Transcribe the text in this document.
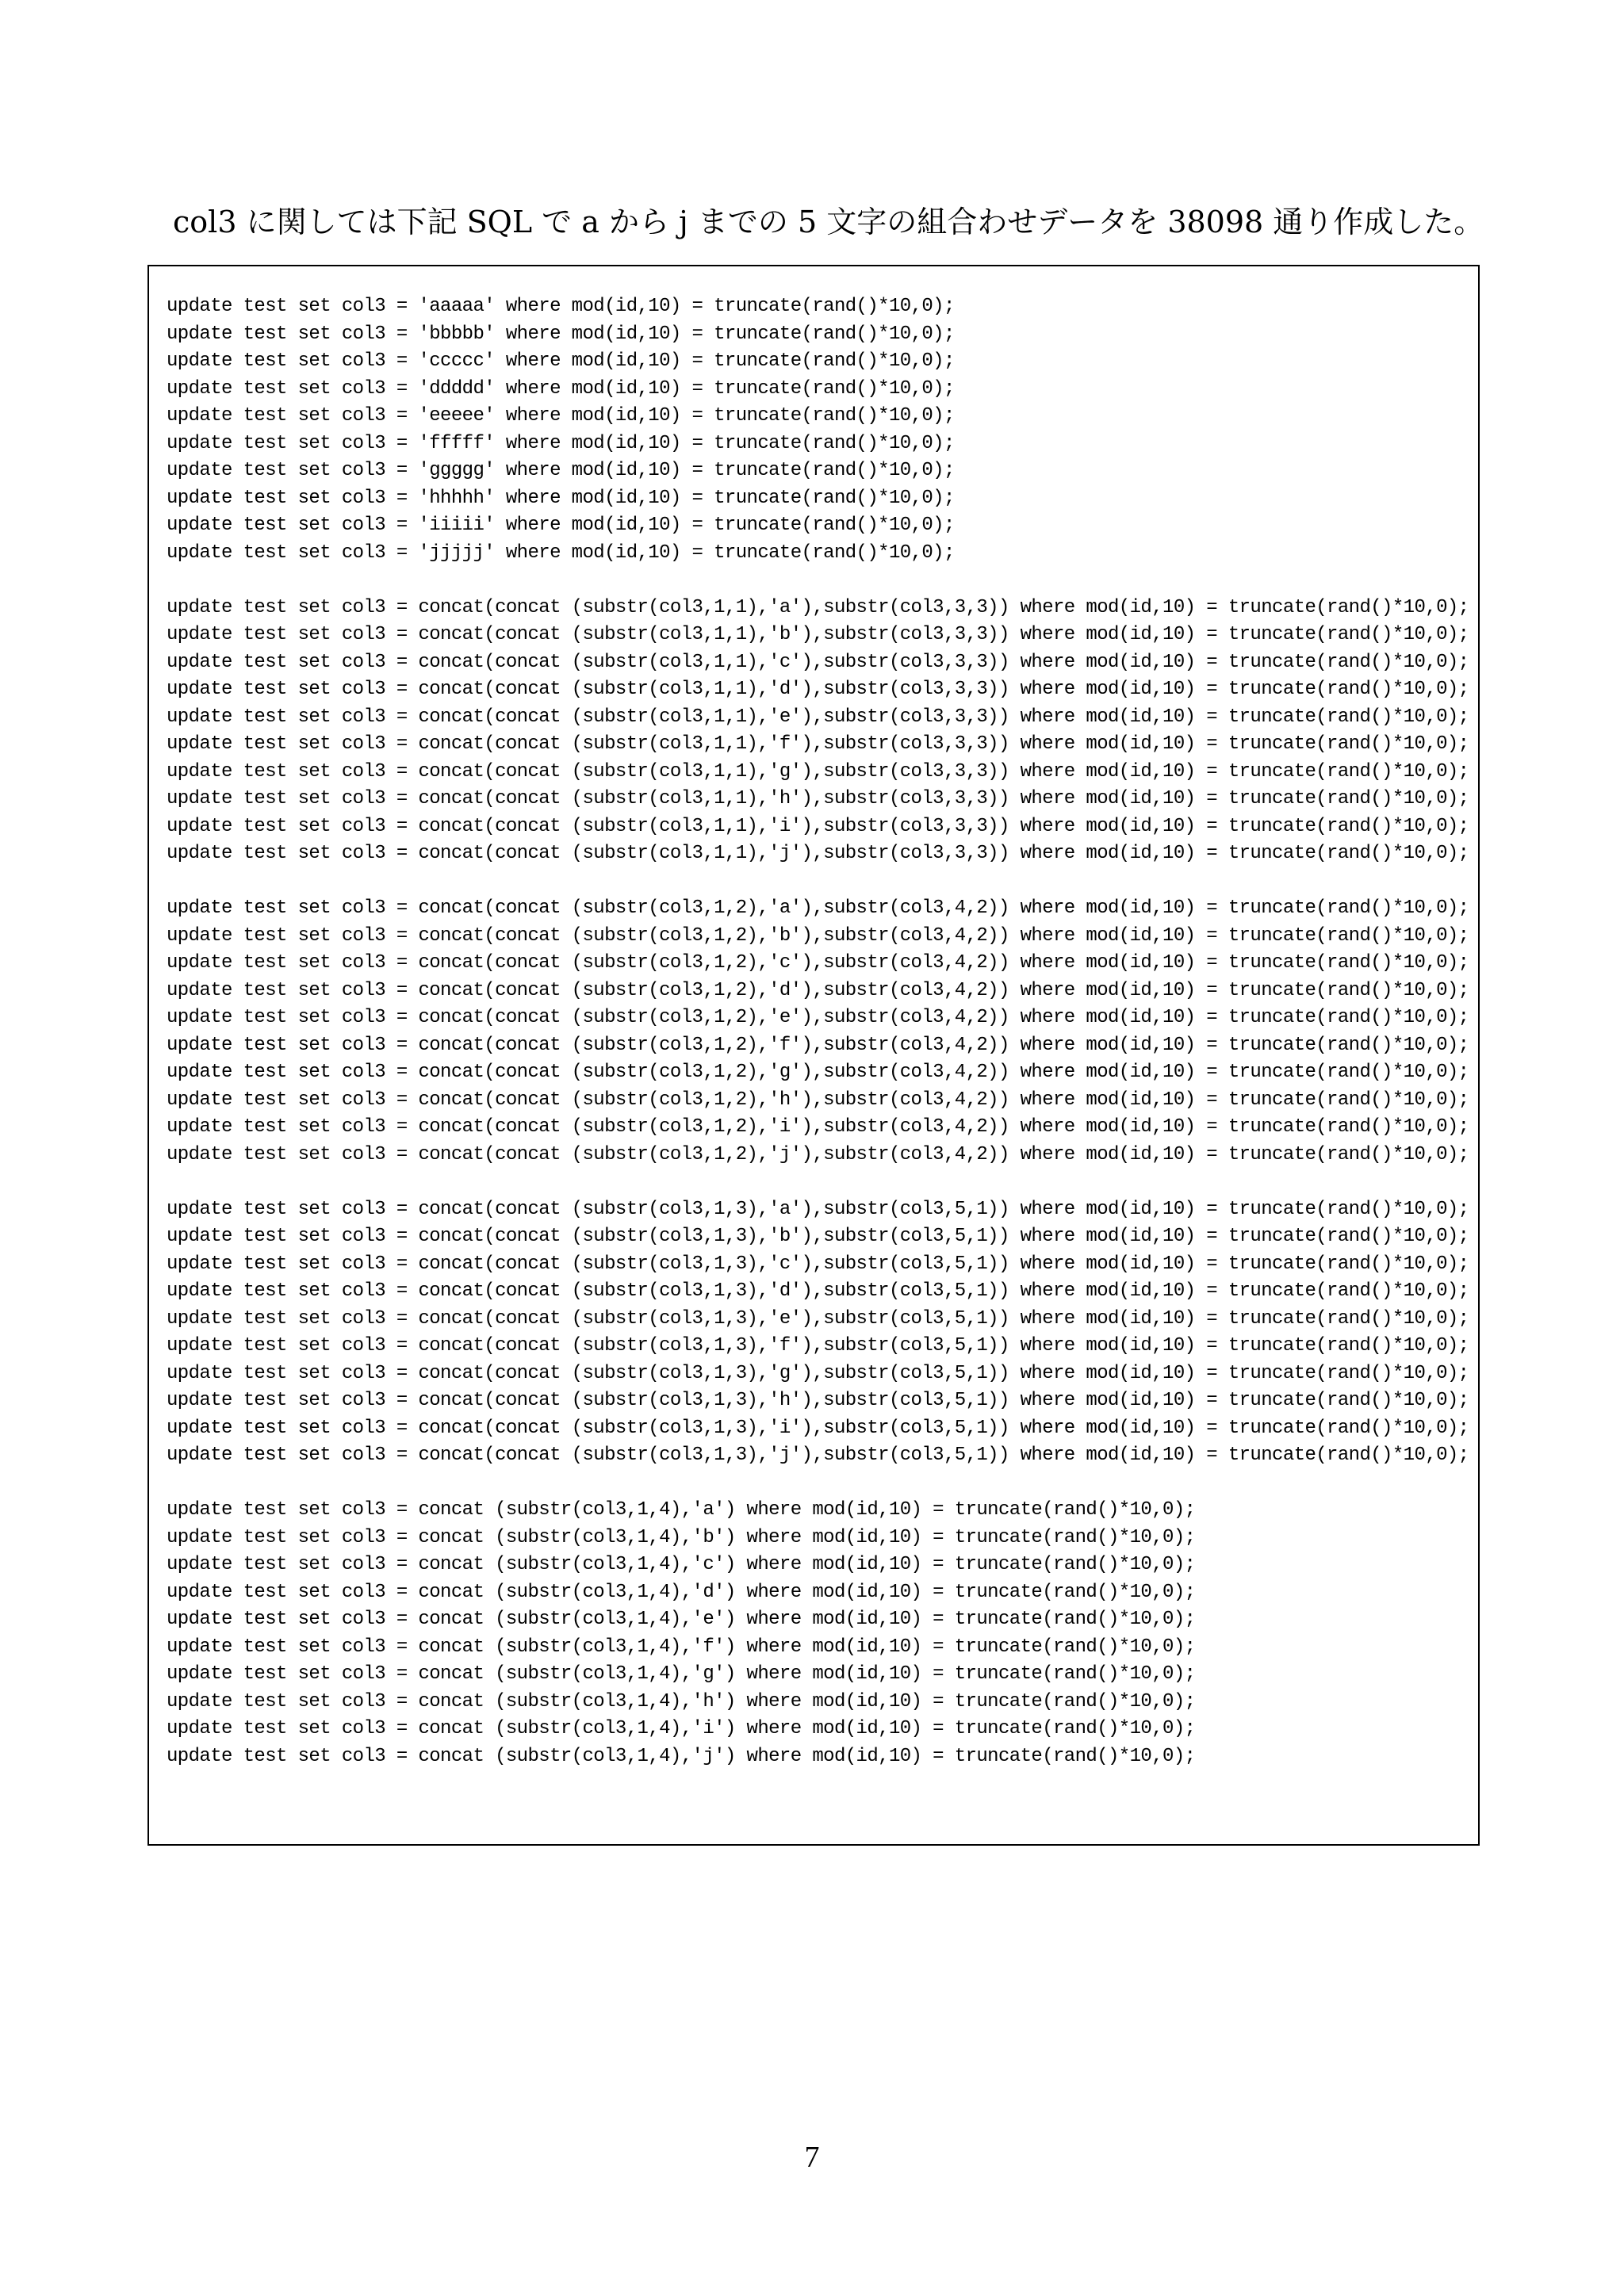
col3 に関しては下記 SQL で a から j までの 5 文字の組合わせデータを 38098 通り作成した。
update test set col3 = 'aaaaa' where mod(id,10) = truncate(rand()*10,0);
update test set col3 = 'bbbbb' where mod(id,10) = truncate(rand()*10,0);
update test set col3 = 'ccccc' where mod(id,10) = truncate(rand()*10,0);
update test set col3 = 'ddddd' where mod(id,10) = truncate(rand()*10,0);
update test set col3 = 'eeeee' where mod(id,10) = truncate(rand()*10,0);
update test set col3 = 'fffff' where mod(id,10) = truncate(rand()*10,0);
update test set col3 = 'ggggg' where mod(id,10) = truncate(rand()*10,0);
update test set col3 = 'hhhhh' where mod(id,10) = truncate(rand()*10,0);
update test set col3 = 'iiiii' where mod(id,10) = truncate(rand()*10,0);
update test set col3 = 'jjjjj' where mod(id,10) = truncate(rand()*10,0);
update test set col3 = concat(concat (substr(col3,1,1),'a'),substr(col3,3,3)) where mod(id,10) = truncate(rand()*10,0);
update test set col3 = concat(concat (substr(col3,1,1),'b'),substr(col3,3,3)) where mod(id,10) = truncate(rand()*10,0);
update test set col3 = concat(concat (substr(col3,1,1),'c'),substr(col3,3,3)) where mod(id,10) = truncate(rand()*10,0);
update test set col3 = concat(concat (substr(col3,1,1),'d'),substr(col3,3,3)) where mod(id,10) = truncate(rand()*10,0);
update test set col3 = concat(concat (substr(col3,1,1),'e'),substr(col3,3,3)) where mod(id,10) = truncate(rand()*10,0);
update test set col3 = concat(concat (substr(col3,1,1),'f'),substr(col3,3,3)) where mod(id,10) = truncate(rand()*10,0);
update test set col3 = concat(concat (substr(col3,1,1),'g'),substr(col3,3,3)) where mod(id,10) = truncate(rand()*10,0);
update test set col3 = concat(concat (substr(col3,1,1),'h'),substr(col3,3,3)) where mod(id,10) = truncate(rand()*10,0);
update test set col3 = concat(concat (substr(col3,1,1),'i'),substr(col3,3,3)) where mod(id,10) = truncate(rand()*10,0);
update test set col3 = concat(concat (substr(col3,1,1),'j'),substr(col3,3,3)) where mod(id,10) = truncate(rand()*10,0);
update test set col3 = concat(concat (substr(col3,1,2),'a'),substr(col3,4,2)) where mod(id,10) = truncate(rand()*10,0);
update test set col3 = concat(concat (substr(col3,1,2),'b'),substr(col3,4,2)) where mod(id,10) = truncate(rand()*10,0);
update test set col3 = concat(concat (substr(col3,1,2),'c'),substr(col3,4,2)) where mod(id,10) = truncate(rand()*10,0);
update test set col3 = concat(concat (substr(col3,1,2),'d'),substr(col3,4,2)) where mod(id,10) = truncate(rand()*10,0);
update test set col3 = concat(concat (substr(col3,1,2),'e'),substr(col3,4,2)) where mod(id,10) = truncate(rand()*10,0);
update test set col3 = concat(concat (substr(col3,1,2),'f'),substr(col3,4,2)) where mod(id,10) = truncate(rand()*10,0);
update test set col3 = concat(concat (substr(col3,1,2),'g'),substr(col3,4,2)) where mod(id,10) = truncate(rand()*10,0);
update test set col3 = concat(concat (substr(col3,1,2),'h'),substr(col3,4,2)) where mod(id,10) = truncate(rand()*10,0);
update test set col3 = concat(concat (substr(col3,1,2),'i'),substr(col3,4,2)) where mod(id,10) = truncate(rand()*10,0);
update test set col3 = concat(concat (substr(col3,1,2),'j'),substr(col3,4,2)) where mod(id,10) = truncate(rand()*10,0);
update test set col3 = concat(concat (substr(col3,1,3),'a'),substr(col3,5,1)) where mod(id,10) = truncate(rand()*10,0);
update test set col3 = concat(concat (substr(col3,1,3),'b'),substr(col3,5,1)) where mod(id,10) = truncate(rand()*10,0);
update test set col3 = concat(concat (substr(col3,1,3),'c'),substr(col3,5,1)) where mod(id,10) = truncate(rand()*10,0);
update test set col3 = concat(concat (substr(col3,1,3),'d'),substr(col3,5,1)) where mod(id,10) = truncate(rand()*10,0);
update test set col3 = concat(concat (substr(col3,1,3),'e'),substr(col3,5,1)) where mod(id,10) = truncate(rand()*10,0);
update test set col3 = concat(concat (substr(col3,1,3),'f'),substr(col3,5,1)) where mod(id,10) = truncate(rand()*10,0);
update test set col3 = concat(concat (substr(col3,1,3),'g'),substr(col3,5,1)) where mod(id,10) = truncate(rand()*10,0);
update test set col3 = concat(concat (substr(col3,1,3),'h'),substr(col3,5,1)) where mod(id,10) = truncate(rand()*10,0);
update test set col3 = concat(concat (substr(col3,1,3),'i'),substr(col3,5,1)) where mod(id,10) = truncate(rand()*10,0);
update test set col3 = concat(concat (substr(col3,1,3),'j'),substr(col3,5,1)) where mod(id,10) = truncate(rand()*10,0);
update test set col3 = concat (substr(col3,1,4),'a') where mod(id,10) = truncate(rand()*10,0);
update test set col3 = concat (substr(col3,1,4),'b') where mod(id,10) = truncate(rand()*10,0);
update test set col3 = concat (substr(col3,1,4),'c') where mod(id,10) = truncate(rand()*10,0);
update test set col3 = concat (substr(col3,1,4),'d') where mod(id,10) = truncate(rand()*10,0);
update test set col3 = concat (substr(col3,1,4),'e') where mod(id,10) = truncate(rand()*10,0);
update test set col3 = concat (substr(col3,1,4),'f') where mod(id,10) = truncate(rand()*10,0);
update test set col3 = concat (substr(col3,1,4),'g') where mod(id,10) = truncate(rand()*10,0);
update test set col3 = concat (substr(col3,1,4),'h') where mod(id,10) = truncate(rand()*10,0);
update test set col3 = concat (substr(col3,1,4),'i') where mod(id,10) = truncate(rand()*10,0);
update test set col3 = concat (substr(col3,1,4),'j') where mod(id,10) = truncate(rand()*10,0);
7
